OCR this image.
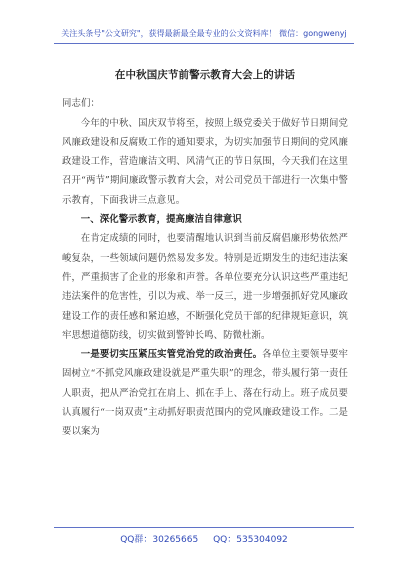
关注头条号"公文研究"，获得最新最全最专业的公文资料库！ 微信：gongwenyj
在中秋国庆节前警示教育大会上的讲话

同志们：

今年的中秋、国庆双节将至，按照上级党委关于做好节日期间党风廉政建设和反腐败工作的通知要求，为切实加强节日期间的党风廉政建设工作，营造廉洁文明、风清气正的节日氛围，今天我们在这里召开“两节”期间廉政警示教育大会，对公司党员干部进行一次集中警示教育，下面我讲三点意见。

一、深化警示教育，提高廉洁自律意识

在肯定成绩的同时，也要清醒地认识到当前反腐倡廉形势依然严峻复杂，一些领域问题仍然易发多发。特别是近期发生的违纪违法案件，严重损害了企业的形象和声誉。各单位要充分认识这些严重违纪违法案件的危害性，引以为戒、举一反三，进一步增强抓好党风廉政建设工作的责任感和紧迫感，不断强化党员干部的纪律规矩意识，筑牢思想道德防线，切实做到警钟长鸣、防微杜渐。

一是要切实压紧压实管党治党的政治责任。各单位主要领导要牢固树立“不抓党风廉政建设就是严重失职”的理念，带头履行第一责任人职责，把从严治党扛在肩上、抓在手上、落在行动上。班子成员要认真履行“一岗双责”主动抓好职责范围内的党风廉政建设工作。二是要以案为

QQ群：30265665 QQ：535304092
